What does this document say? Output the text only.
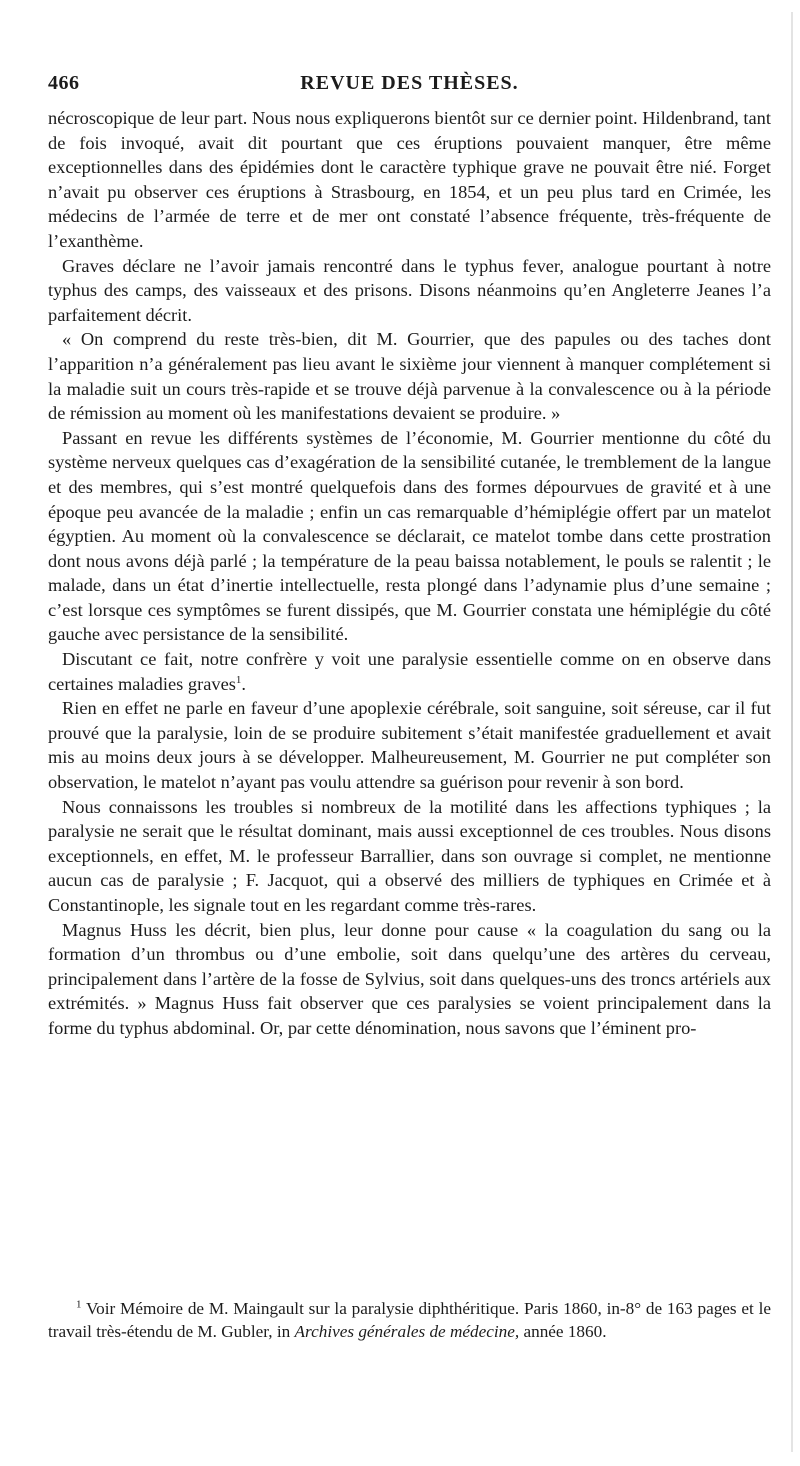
466	REVUE DES THÈSES.

nécroscopique de leur part. Nous nous expliquerons bientôt sur ce dernier point. Hildenbrand, tant de fois invoqué, avait dit pourtant que ces éruptions pouvaient manquer, être même exceptionnelles dans des épidémies dont le caractère typhique grave ne pouvait être nié. Forget n’avait pu observer ces éruptions à Strasbourg, en 1854, et un peu plus tard en Crimée, les médecins de l’armée de terre et de mer ont constaté l’absence fréquente, très-fréquente de l’exanthème.

Graves déclare ne l’avoir jamais rencontré dans le typhus fever, analogue pourtant à notre typhus des camps, des vaisseaux et des prisons. Disons néanmoins qu’en Angleterre Jeanes l’a parfaitement décrit.

« On comprend du reste très-bien, dit M. Gourrier, que des papules ou des taches dont l’apparition n’a généralement pas lieu avant le sixième jour viennent à manquer complétement si la maladie suit un cours très-rapide et se trouve déjà parvenue à la convalescence ou à la période de rémission au moment où les manifestations devaient se produire. »

Passant en revue les différents systèmes de l’économie, M. Gourrier mentionne du côté du système nerveux quelques cas d’exagération de la sensibilité cutanée, le tremblement de la langue et des membres, qui s’est montré quelquefois dans des formes dépourvues de gravité et à une époque peu avancée de la maladie ; enfin un cas remarquable d’hémiplégie offert par un matelot égyptien. Au moment où la convalescence se déclarait, ce matelot tombe dans cette prostration dont nous avons déjà parlé ; la température de la peau baissa notablement, le pouls se ralentit ; le malade, dans un état d’inertie intellectuelle, resta plongé dans l’adynamie plus d’une semaine ; c’est lorsque ces symptômes se furent dissipés, que M. Gourrier constata une hémiplégie du côté gauche avec persistance de la sensibilité.

Discutant ce fait, notre confrère y voit une paralysie essentielle comme on en observe dans certaines maladies graves$^1$.

Rien en effet ne parle en faveur d’une apoplexie cérébrale, soit sanguine, soit séreuse, car il fut prouvé que la paralysie, loin de se produire subitement s’était manifestée graduellement et avait mis au moins deux jours à se développer. Malheureusement, M. Gourrier ne put compléter son observation, le matelot n’ayant pas voulu attendre sa guérison pour revenir à son bord.

Nous connaissons les troubles si nombreux de la motilité dans les affections typhiques ; la paralysie ne serait que le résultat dominant, mais aussi exceptionnel de ces troubles. Nous disons exceptionnels, en effet, M. le professeur Barrallier, dans son ouvrage si complet, ne mentionne aucun cas de paralysie ; F. Jacquot, qui a observé des milliers de typhiques en Crimée et à Constantinople, les signale tout en les regardant comme très-rares.

Magnus Huss les décrit, bien plus, leur donne pour cause « la coagulation du sang ou la formation d’un thrombus ou d’une embolie, soit dans quelqu’une des artères du cerveau, principalement dans l’artère de la fosse de Sylvius, soit dans quelques-uns des troncs artériels aux extrémités. » Magnus Huss fait observer que ces paralysies se voient principalement dans la forme du typhus abdominal. Or, par cette dénomination, nous savons que l’éminent pro-

$^1$ Voir Mémoire de M. Maingault sur la paralysie diphthéritique. Paris 1860, in-8° de 163 pages et le travail très-étendu de M. Gubler, in Archives générales de médecine, année 1860.
